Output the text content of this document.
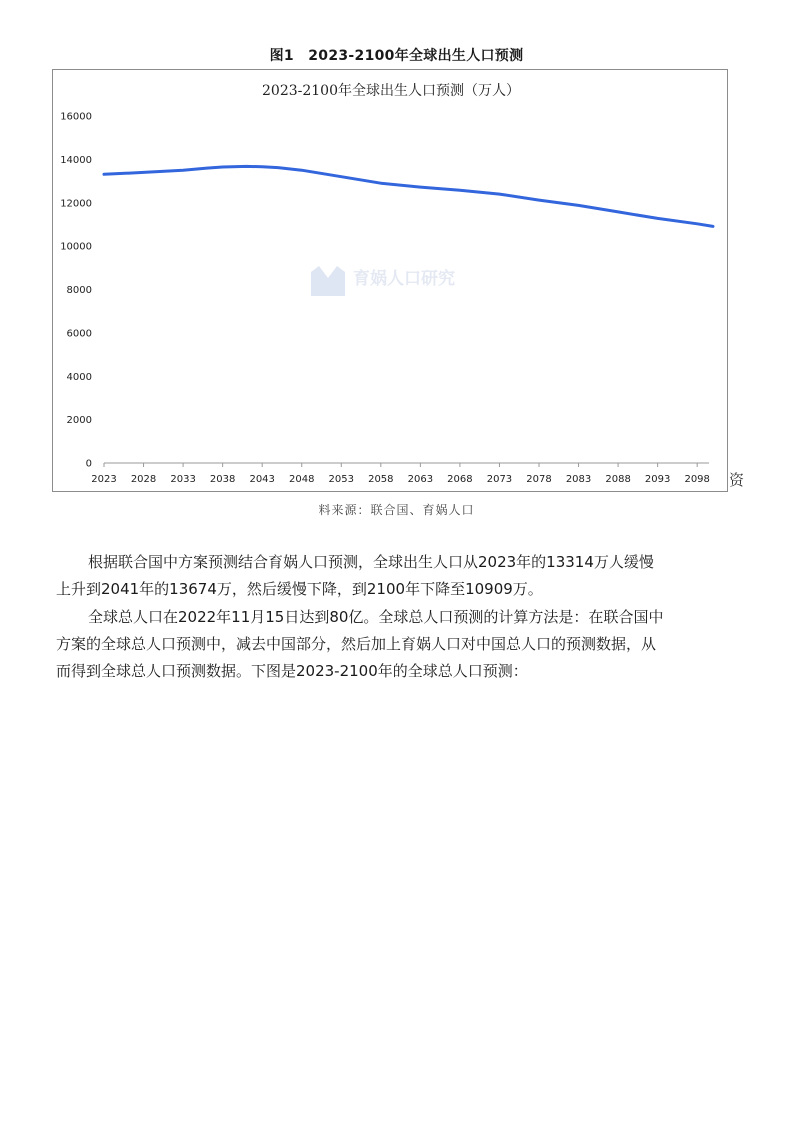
图1　2023-2100年全球出生人口预测
育娲人口研究
2023-2100年全球出生人口预测（万人）
0
2000
4000
6000
8000
10000
12000
14000
16000
2023 2028 2033 2038 2043 2048 2053 2058 2063 2068 2073 2078 2083 2088 2093 2098 资
料来源：联合国、育娲人口
根据联合国中方案预测结合育娲人口预测，全球出生人口从2023年的13314万人缓慢
上升到2041年的13674万，然后缓慢下降，到2100年下降至10909万。
全球总人口在2022年11月15日达到80亿。全球总人口预测的计算方法是：在联合国中
方案的全球总人口预测中，减去中国部分，然后加上育娲人口对中国总人口的预测数据，从
而得到全球总人口预测数据。下图是2023-2100年的全球总人口预测：
